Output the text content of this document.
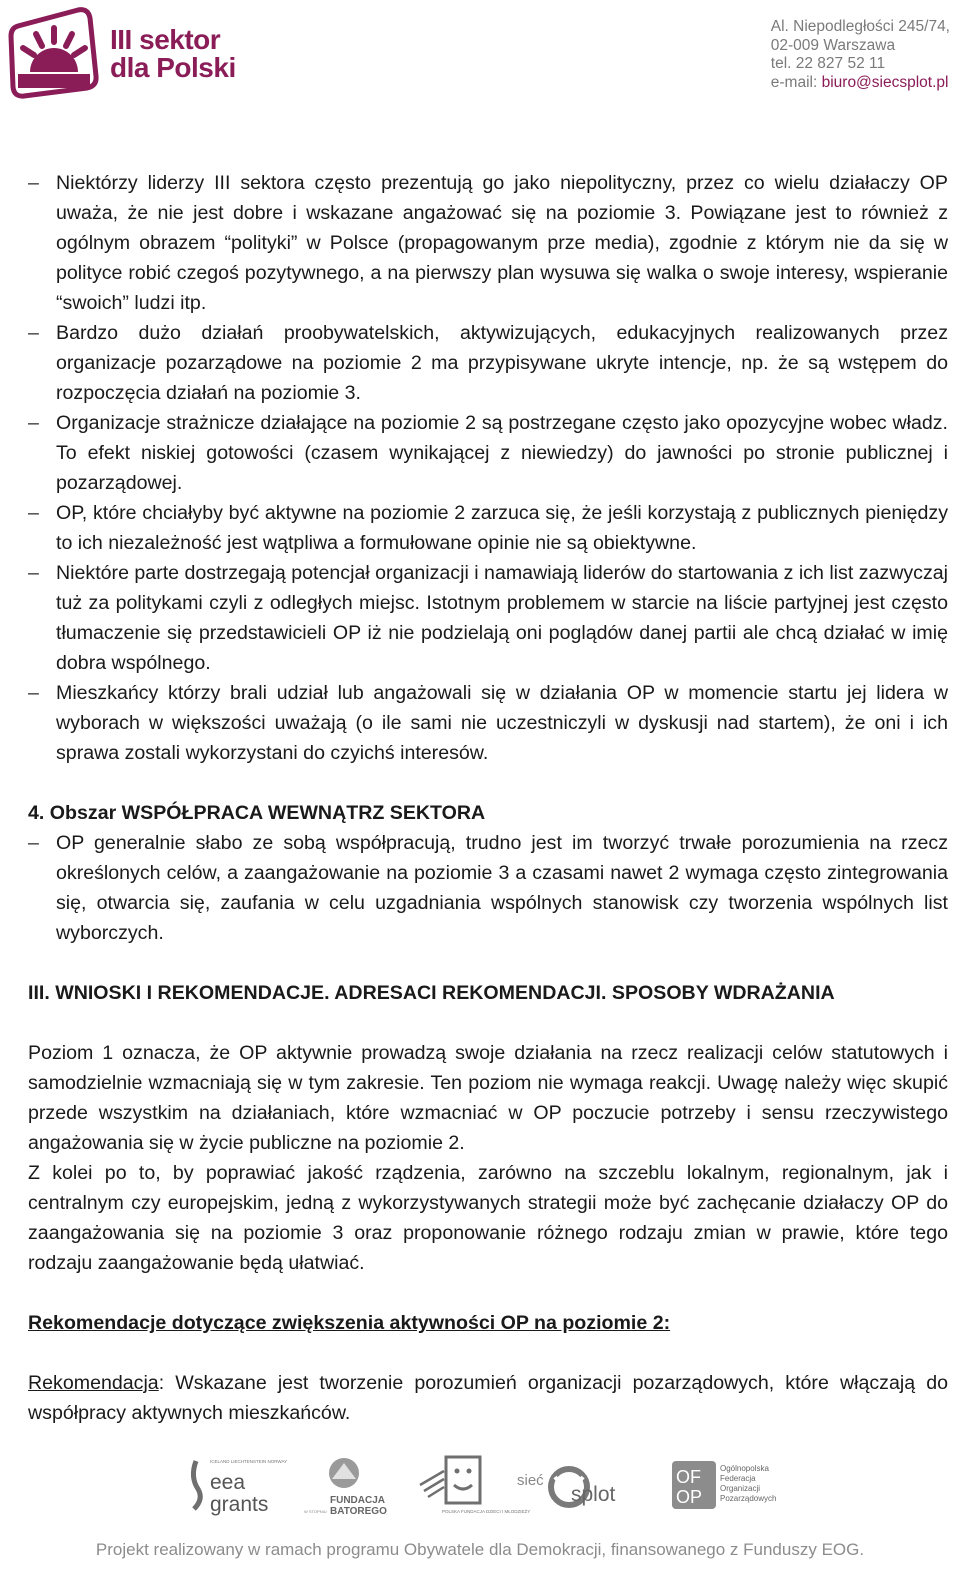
III sektor
dla Polski
Al. Niepodległości 245/74,
02-009 Warszawa
tel. 22 827 52 11
e-mail: biuro@siecsplot.pl
– Niektórzy liderzy III sektora często prezentują go jako niepolityczny, przez co wielu działaczy OP uważa, że nie jest dobre i wskazane angażować się na poziomie 3. Powiązane jest to również z ogólnym obrazem “polityki” w Polsce (propagowanym prze media), zgodnie z którym nie da się w polityce robić czegoś pozytywnego, a na pierwszy plan wysuwa się walka o swoje interesy, wspieranie “swoich” ludzi itp.
– Bardzo dużo działań proobywatelskich, aktywizujących, edukacyjnych realizowanych przez organizacje pozarządowe na poziomie 2 ma przypisywane ukryte intencje, np. że są wstępem do rozpoczęcia działań na poziomie 3.
– Organizacje strażnicze działające na poziomie 2 są postrzegane często jako opozycyjne wobec władz. To efekt niskiej gotowości (czasem wynikającej z niewiedzy) do jawności po stronie publicznej i pozarządowej.
– OP, które chciałyby być aktywne na poziomie 2 zarzuca się, że jeśli korzystają z publicznych pieniędzy to ich niezależność jest wątpliwa a formułowane opinie nie są obiektywne.
– Niektóre parte dostrzegają potencjał organizacji i namawiają liderów do startowania z ich list zazwyczaj tuż za politykami czyli z odległych miejsc. Istotnym problemem w starcie na liście partyjnej jest często tłumaczenie się przedstawicieli OP iż nie podzielają oni poglądów danej partii ale chcą działać w imię dobra wspólnego.
– Mieszkańcy którzy brali udział lub angażowali się w działania OP w momencie startu jej lidera w wyborach w większości uważają (o ile sami nie uczestniczyli w dyskusji nad startem), że oni i ich sprawa zostali wykorzystani do czyichś interesów.

4. Obszar WSPÓŁPRACA WEWNĄTRZ SEKTORA

– OP generalnie słabo ze sobą współpracują, trudno jest im tworzyć trwałe porozumienia na rzecz określonych celów, a zaangażowanie na poziomie 3 a czasami nawet 2 wymaga często zintegrowania się, otwarcia się, zaufania w celu uzgadniania wspólnych stanowisk czy tworzenia wspólnych list wyborczych.

III. WNIOSKI I REKOMENDACJE. ADRESACI REKOMENDACJI. SPOSOBY WDRAŻANIA

Poziom 1 oznacza, że OP aktywnie prowadzą swoje działania na rzecz realizacji celów statutowych i samodzielnie wzmacniają się w tym zakresie. Ten poziom nie wymaga reakcji. Uwagę należy więc skupić przede wszystkim na działaniach, które wzmacniać w OP poczucie potrzeby i sensu rzeczywistego angażowania się w życie publiczne na poziomie 2.

Z kolei po to, by poprawiać jakość rządzenia, zarówno na szczeblu lokalnym, regionalnym, jak i centralnym czy europejskim, jedną z wykorzystywanych strategii może być zachęcanie działaczy OP do zaangażowania się na poziomie 3 oraz proponowanie różnego rodzaju zmian w prawie, które tego rodzaju zaangażowanie będą ułatwiać.

Rekomendacje dotyczące zwiększenia aktywności OP na poziomie 2:

Rekomendacja: Wskazane jest tworzenie porozumień organizacji pozarządowych, które włączają do współpracy aktywnych mieszkańców.

ICELAND LIECHTENSTEIN NORWAY
eea
grants	W STOPNIU
FUNDACJA
BATOREGO	POLSKA FUNDACJA DZIECI I MŁODZIEŻY
sieć
splot
OF
OP
Ogólnopolska
Federacja
Organizacji
Pozarządowych
Projekt realizowany w ramach programu Obywatele dla Demokracji, finansowanego z Funduszy EOG.
